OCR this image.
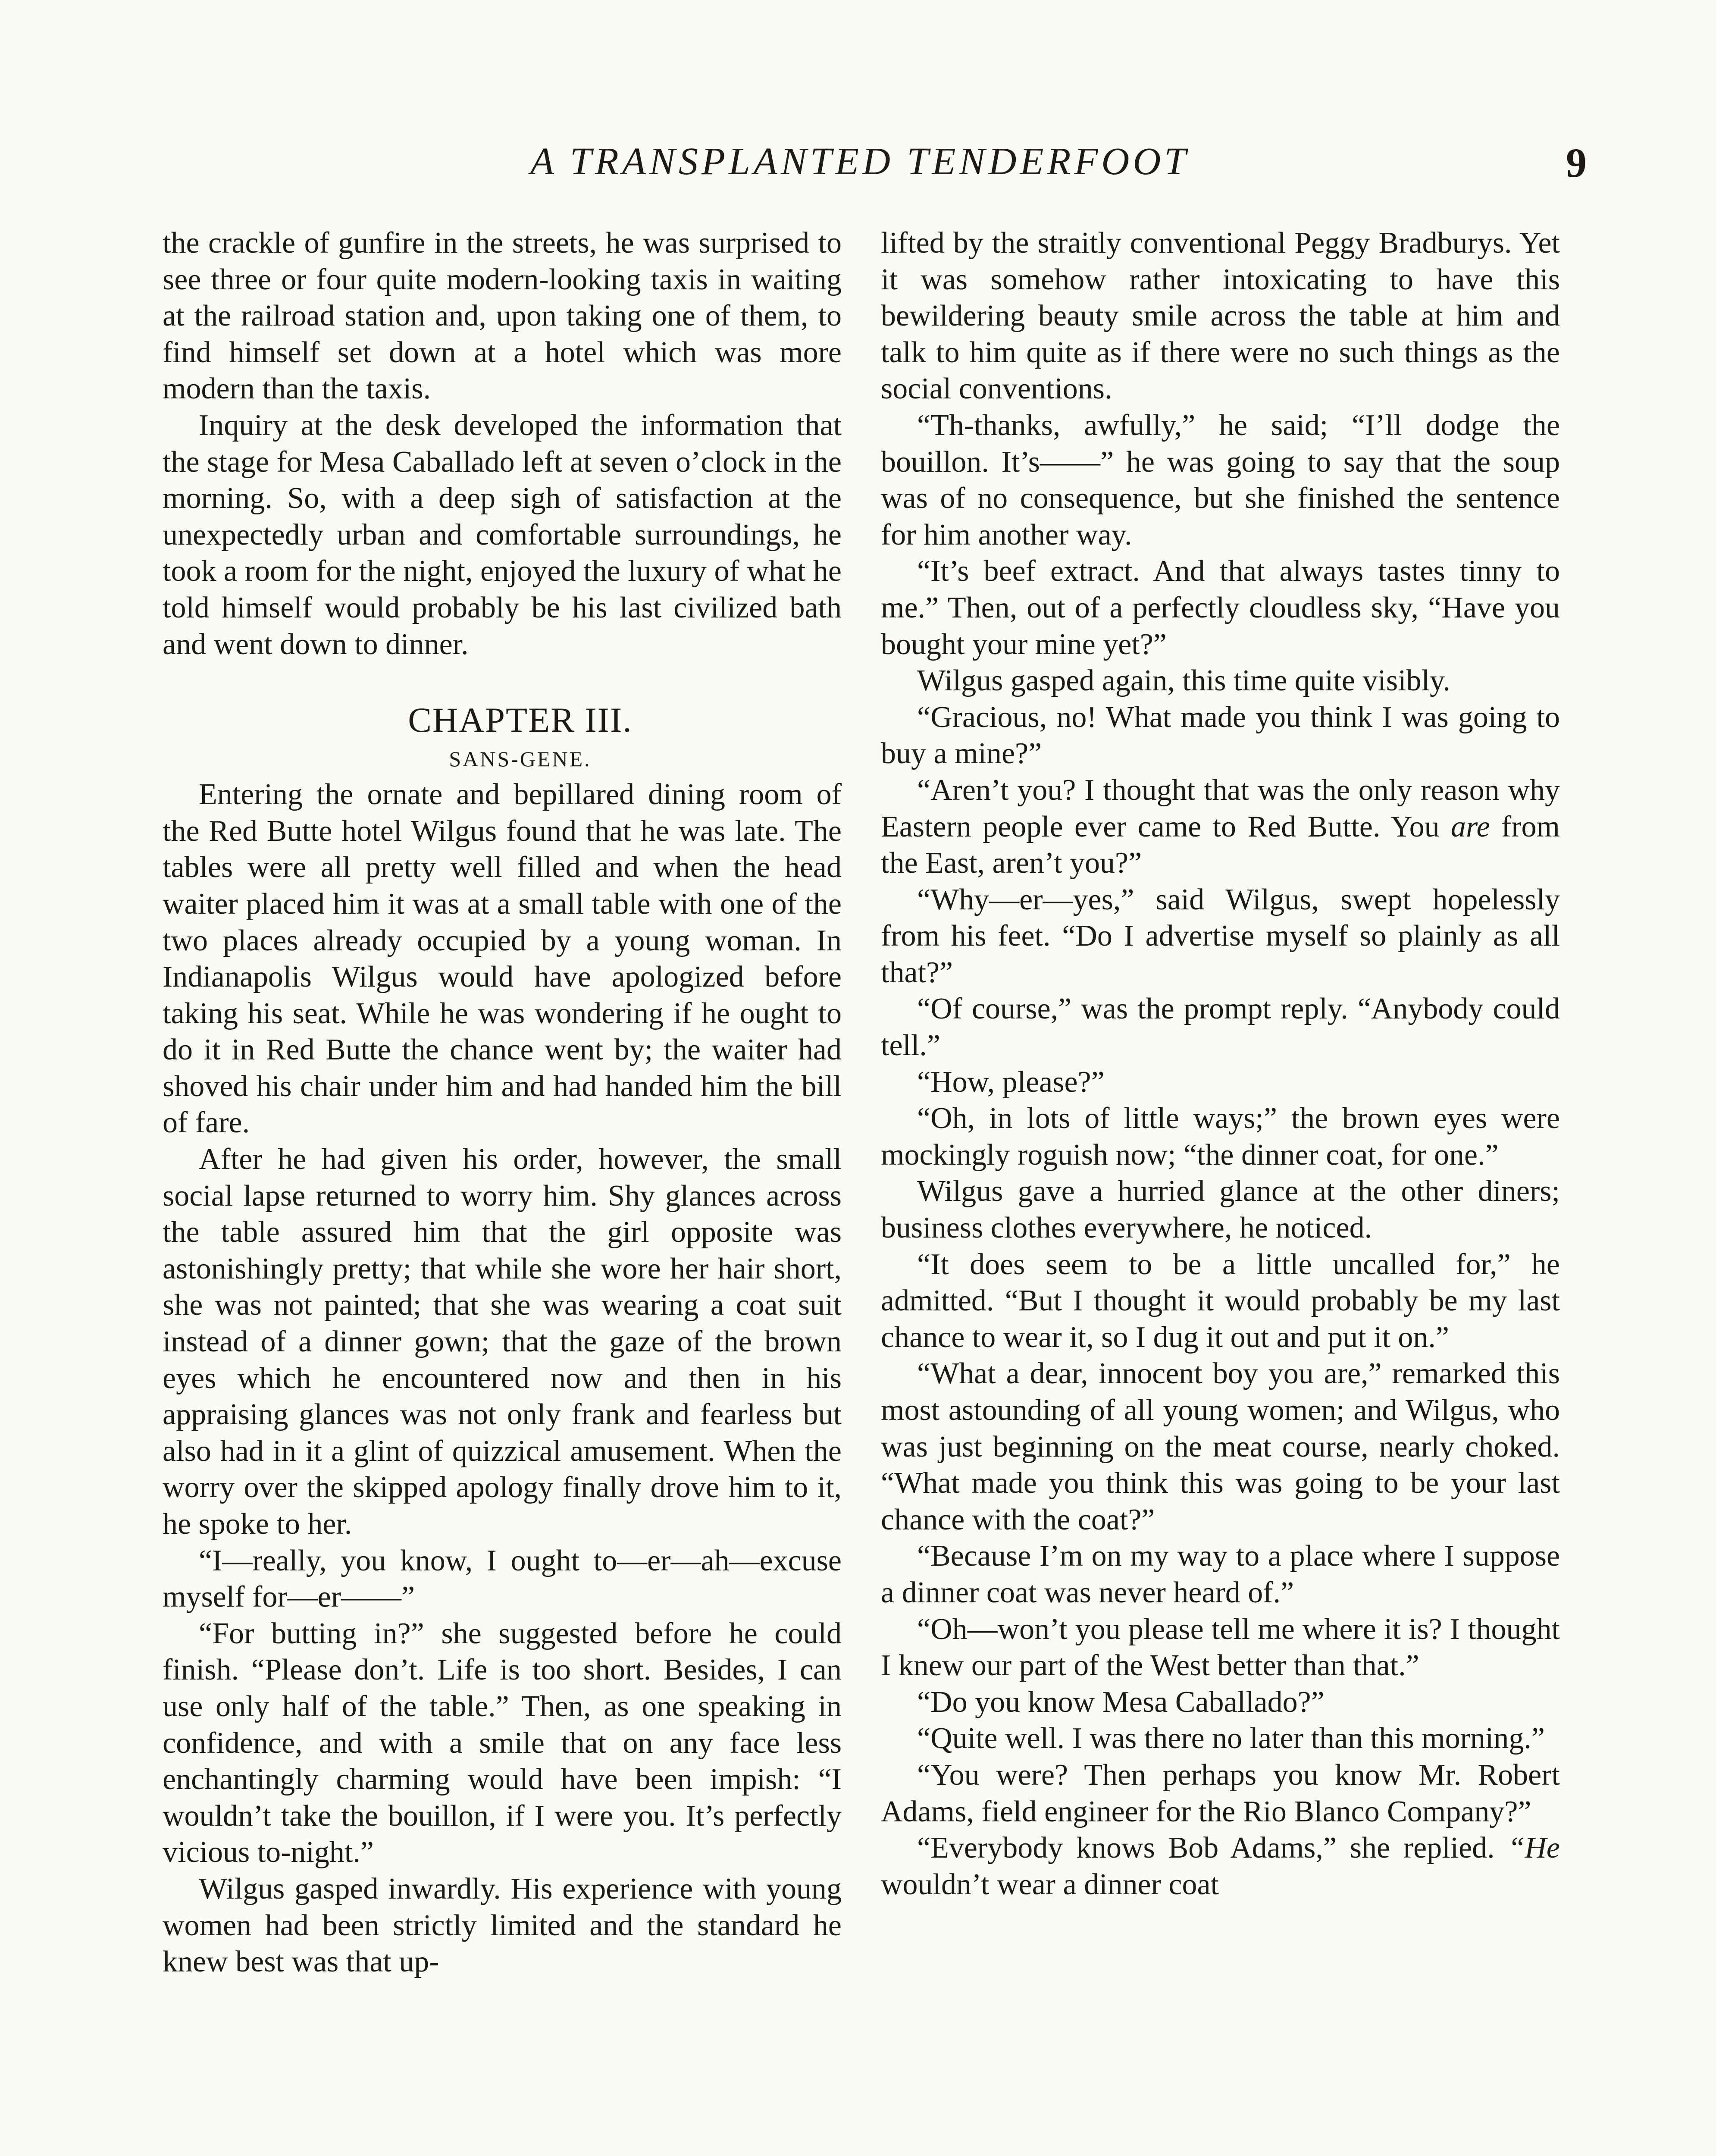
A TRANSPLANTED TENDERFOOT	9

the crackle of gunfire in the streets, he was surprised to see three or four quite modern-looking taxis in waiting at the railroad station and, upon taking one of them, to find himself set down at a hotel which was more modern than the taxis.

Inquiry at the desk developed the information that the stage for Mesa Caballado left at seven o’clock in the morning. So, with a deep sigh of satisfaction at the unexpectedly urban and comfortable surroundings, he took a room for the night, enjoyed the luxury of what he told himself would probably be his last civilized bath and went down to dinner.

CHAPTER III.

SANS-GENE.

Entering the ornate and bepillared dining room of the Red Butte hotel Wilgus found that he was late. The tables were all pretty well filled and when the head waiter placed him it was at a small table with one of the two places already occupied by a young woman. In Indianapolis Wilgus would have apologized before taking his seat. While he was wondering if he ought to do it in Red Butte the chance went by; the waiter had shoved his chair under him and had handed him the bill of fare.

After he had given his order, however, the small social lapse returned to worry him. Shy glances across the table assured him that the girl opposite was astonishingly pretty; that while she wore her hair short, she was not painted; that she was wearing a coat suit instead of a dinner gown; that the gaze of the brown eyes which he encountered now and then in his appraising glances was not only frank and fearless but also had in it a glint of quizzical amusement. When the worry over the skipped apology finally drove him to it, he spoke to her.

“I—really, you know, I ought to—er—ah—excuse myself for—er——”

“For butting in?” she suggested before he could finish. “Please don’t. Life is too short. Besides, I can use only half of the table.” Then, as one speaking in confidence, and with a smile that on any face less enchantingly charming would have been impish: “I wouldn’t take the bouillon, if I were you. It’s perfectly vicious to-night.”

Wilgus gasped inwardly. His experience with young women had been strictly limited and the standard he knew best was that up-

lifted by the straitly conventional Peggy Bradburys. Yet it was somehow rather intoxicating to have this bewildering beauty smile across the table at him and talk to him quite as if there were no such things as the social conventions.

“Th-thanks, awfully,” he said; “I’ll dodge the bouillon. It’s——” he was going to say that the soup was of no consequence, but she finished the sentence for him another way.

“It’s beef extract. And that always tastes tinny to me.” Then, out of a perfectly cloudless sky, “Have you bought your mine yet?”

Wilgus gasped again, this time quite visibly.

“Gracious, no! What made you think I was going to buy a mine?”

“Aren’t you? I thought that was the only reason why Eastern people ever came to Red Butte. You are from the East, aren’t you?”

“Why—er—yes,” said Wilgus, swept hopelessly from his feet. “Do I advertise myself so plainly as all that?”

“Of course,” was the prompt reply. “Anybody could tell.”

“How, please?”

“Oh, in lots of little ways;” the brown eyes were mockingly roguish now; “the dinner coat, for one.”

Wilgus gave a hurried glance at the other diners; business clothes everywhere, he noticed.

“It does seem to be a little uncalled for,” he admitted. “But I thought it would probably be my last chance to wear it, so I dug it out and put it on.”

“What a dear, innocent boy you are,” remarked this most astounding of all young women; and Wilgus, who was just beginning on the meat course, nearly choked. “What made you think this was going to be your last chance with the coat?”

“Because I’m on my way to a place where I suppose a dinner coat was never heard of.”

“Oh—won’t you please tell me where it is? I thought I knew our part of the West better than that.”

“Do you know Mesa Caballado?”

“Quite well. I was there no later than this morning.”

“You were? Then perhaps you know Mr. Robert Adams, field engineer for the Rio Blanco Company?”

“Everybody knows Bob Adams,” she replied. “He wouldn’t wear a dinner coat
